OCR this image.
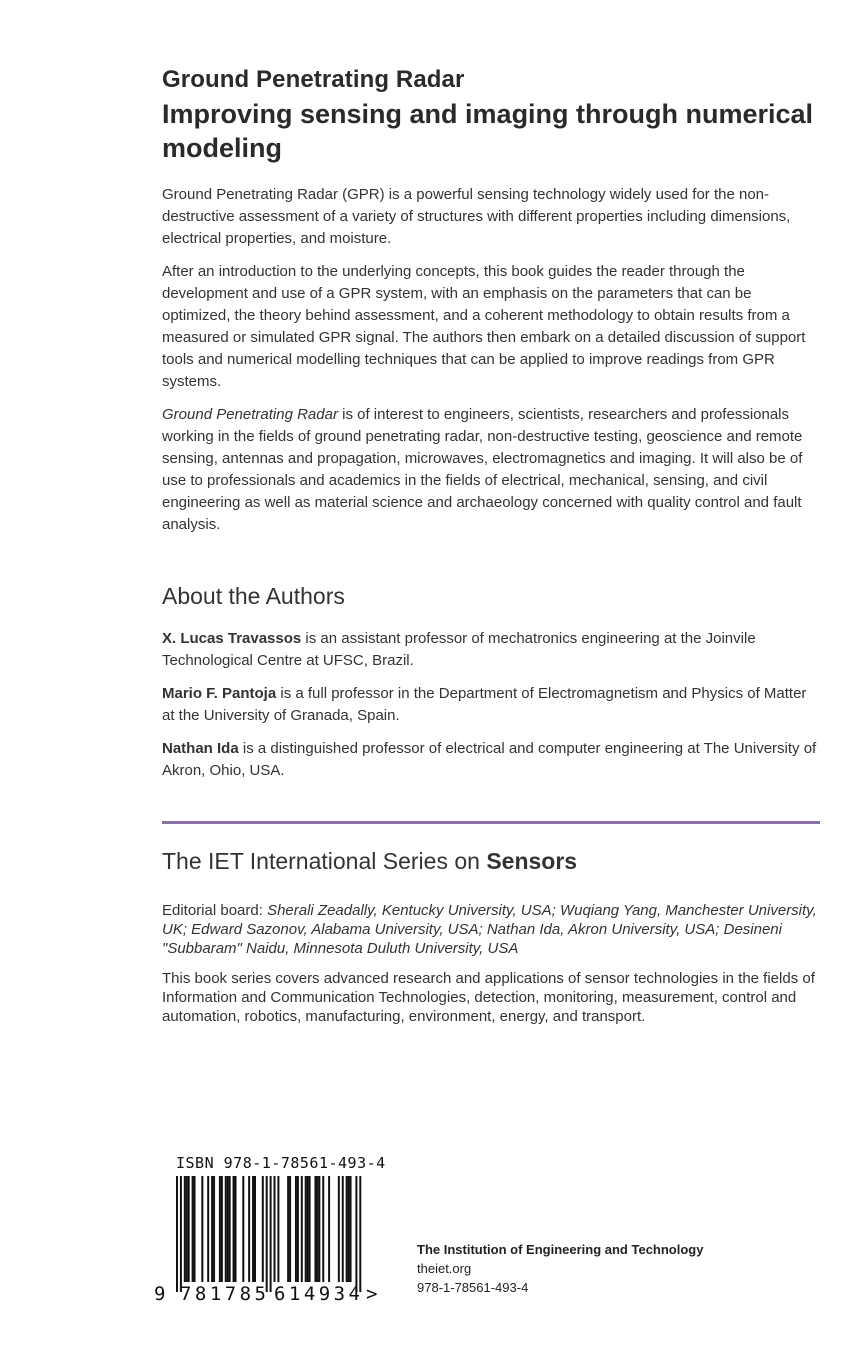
Ground Penetrating Radar
Improving sensing and imaging through numerical modeling

Ground Penetrating Radar (GPR) is a powerful sensing technology widely used for the non-destructive assessment of a variety of structures with different properties including dimensions, electrical properties, and moisture.

After an introduction to the underlying concepts, this book guides the reader through the development and use of a GPR system, with an emphasis on the parameters that can be optimized, the theory behind assessment, and a coherent methodology to obtain results from a measured or simulated GPR signal. The authors then embark on a detailed discussion of support tools and numerical modelling techniques that can be applied to improve readings from GPR systems.

Ground Penetrating Radar is of interest to engineers, scientists, researchers and professionals working in the fields of ground penetrating radar, non-destructive testing, geoscience and remote sensing, antennas and propagation, microwaves, electromagnetics and imaging. It will also be of use to professionals and academics in the fields of electrical, mechanical, sensing, and civil engineering as well as material science and archaeology concerned with quality control and fault analysis.

About the Authors

X. Lucas Travassos is an assistant professor of mechatronics engineering at the Joinvile Technological Centre at UFSC, Brazil.

Mario F. Pantoja is a full professor in the Department of Electromagnetism and Physics of Matter at the University of Granada, Spain.

Nathan Ida is a distinguished professor of electrical and computer engineering at The University of Akron, Ohio, USA.

The IET International Series on Sensors

Editorial board: Sherali Zeadally, Kentucky University, USA; Wuqiang Yang, Manchester University, UK; Edward Sazonov, Alabama University, USA; Nathan Ida, Akron University, USA; Desineni "Subbaram" Naidu, Minnesota Duluth University, USA

This book series covers advanced research and applications of sensor technologies in the fields of Information and Communication Technologies, detection, monitoring, measurement, control and automation, robotics, manufacturing, environment, energy, and transport.

ISBN 978-1-78561-493-4
9 781785 614934 >
The Institution of Engineering and Technology
theiet.org
978-1-78561-493-4
